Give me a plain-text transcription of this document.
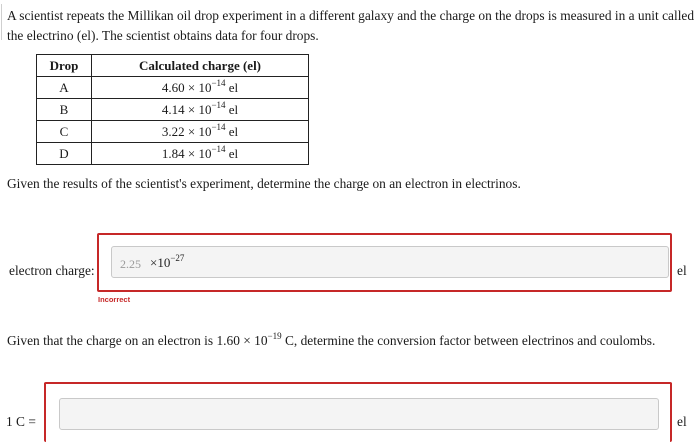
A scientist repeats the Millikan oil drop experiment in a different galaxy and the charge on the drops is measured in a unit called the electrino (el). The scientist obtains data for four drops.
Drop	Calculated charge (el)
A	$4.60 \times 10^{-14}$ el
B	$4.14 \times 10^{-14}$ el
C	$3.22 \times 10^{-14}$ el
D	$1.84 \times 10^{-14}$ el
Given the results of the scientist's experiment, determine the charge on an electron in electrinos.
electron charge: $2.25 \times 10^{-27}$
Incorrect
el
Given that the charge on an electron is $1.60 \times 10^{-19}$ C, determine the conversion factor between electrinos and coulombs.
1 C =	el
